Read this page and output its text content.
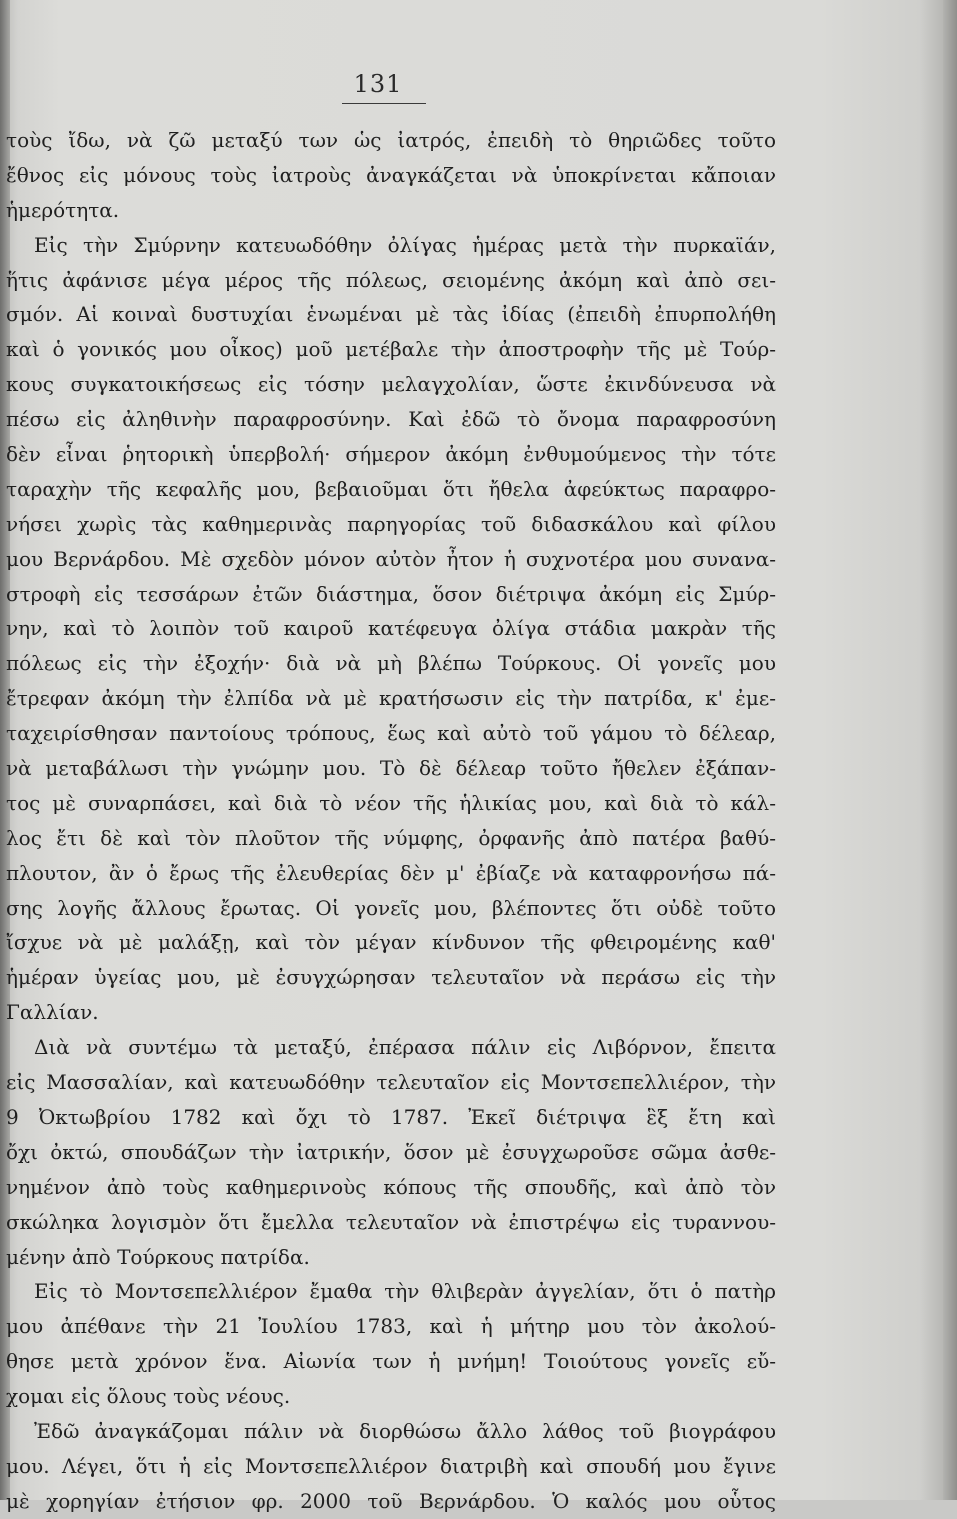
131
τοὺς ἴδω, νὰ ζῶ μεταξύ των ὡς ἰατρός, ἐπειδὴ τὸ θηριῶδες τοῦτο
ἔθνος εἰς μόνους τοὺς ἰατροὺς ἀναγκάζεται νὰ ὑποκρίνεται κἄποιαν
ἡμερότητα.
Εἰς τὴν Σμύρνην κατευωδόθην ὀλίγας ἡμέρας μετὰ τὴν πυρκαϊάν,
ἥτις ἀφάνισε μέγα μέρος τῆς πόλεως, σειομένης ἀκόμη καὶ ἀπὸ σει-
σμόν. Αἱ κοιναὶ δυστυχίαι ἑνωμέναι μὲ τὰς ἰδίας (ἐπειδὴ ἐπυρπολήθη
καὶ ὁ γονικός μου οἶκος) μοῦ μετέβαλε τὴν ἀποστροφὴν τῆς μὲ Τούρ-
κους συγκατοικήσεως εἰς τόσην μελαγχολίαν, ὥστε ἐκινδύνευσα νὰ
πέσω εἰς ἀληθινὴν παραφροσύνην. Καὶ ἐδῶ τὸ ὄνομα παραφροσύνη
δὲν εἶναι ῥητορικὴ ὑπερβολή· σήμερον ἀκόμη ἐνθυμούμενος τὴν τότε
ταραχὴν τῆς κεφαλῆς μου, βεβαιοῦμαι ὅτι ἤθελα ἀφεύκτως παραφρο-
νήσει χωρὶς τὰς καθημερινὰς παρηγορίας τοῦ διδασκάλου καὶ φίλου
μου Βερνάρδου. Μὲ σχεδὸν μόνον αὐτὸν ἦτον ἡ συχνοτέρα μου συνανα-
στροφὴ εἰς τεσσάρων ἐτῶν διάστημα, ὅσον διέτριψα ἀκόμη εἰς Σμύρ-
νην, καὶ τὸ λοιπὸν τοῦ καιροῦ κατέφευγα ὀλίγα στάδια μακρὰν τῆς
πόλεως εἰς τὴν ἐξοχήν· διὰ νὰ μὴ βλέπω Τούρκους. Οἱ γονεῖς μου
ἔτρεφαν ἀκόμη τὴν ἐλπίδα νὰ μὲ κρατήσωσιν εἰς τὴν πατρίδα, κ' ἐμε-
ταχειρίσθησαν παντοίους τρόπους, ἕως καὶ αὐτὸ τοῦ γάμου τὸ δέλεαρ,
νὰ μεταβάλωσι τὴν γνώμην μου. Τὸ δὲ δέλεαρ τοῦτο ἤθελεν ἐξάπαν-
τος μὲ συναρπάσει, καὶ διὰ τὸ νέον τῆς ἡλικίας μου, καὶ διὰ τὸ κάλ-
λος ἔτι δὲ καὶ τὸν πλοῦτον τῆς νύμφης, ὀρφανῆς ἀπὸ πατέρα βαθύ-
πλουτον, ἂν ὁ ἔρως τῆς ἐλευθερίας δὲν μ' ἐβίαζε νὰ καταφρονήσω πά-
σης λογῆς ἄλλους ἔρωτας. Οἱ γονεῖς μου, βλέποντες ὅτι οὐδὲ τοῦτο
ἴσχυε νὰ μὲ μαλάξῃ, καὶ τὸν μέγαν κίνδυνον τῆς φθειρομένης καθ'
ἡμέραν ὑγείας μου, μὲ ἐσυγχώρησαν τελευταῖον νὰ περάσω εἰς τὴν
Γαλλίαν.
Διὰ νὰ συντέμω τὰ μεταξύ, ἐπέρασα πάλιν εἰς Λιβόρνον, ἔπειτα
εἰς Μασσαλίαν, καὶ κατευωδόθην τελευταῖον εἰς Μοντσεπελλιέρον, τὴν
9 Ὀκτωβρίου 1782 καὶ ὄχι τὸ 1787. Ἐκεῖ διέτριψα ἓξ ἔτη καὶ
ὄχι ὀκτώ, σπουδάζων τὴν ἰατρικήν, ὅσον μὲ ἐσυγχωροῦσε σῶμα ἀσθε-
νημένον ἀπὸ τοὺς καθημερινοὺς κόπους τῆς σπουδῆς, καὶ ἀπὸ τὸν
σκώληκα λογισμὸν ὅτι ἔμελλα τελευταῖον νὰ ἐπιστρέψω εἰς τυραννου-
μένην ἀπὸ Τούρκους πατρίδα.
Εἰς τὸ Μοντσεπελλιέρον ἔμαθα τὴν θλιβερὰν ἀγγελίαν, ὅτι ὁ πατὴρ
μου ἀπέθανε τὴν 21 Ἰουλίου 1783, καὶ ἡ μήτηρ μου τὸν ἀκολού-
θησε μετὰ χρόνον ἕνα. Αἰωνία των ἡ μνήμη! Τοιούτους γονεῖς εὔ-
χομαι εἰς ὅλους τοὺς νέους.
Ἐδῶ ἀναγκάζομαι πάλιν νὰ διορθώσω ἄλλο λάθος τοῦ βιογράφου
μου. Λέγει, ὅτι ἡ εἰς Μοντσεπελλιέρον διατριβὴ καὶ σπουδή μου ἔγινε
μὲ χορηγίαν ἐτήσιον φρ. 2000 τοῦ Βερνάρδου. Ὁ καλός μου οὗτος
